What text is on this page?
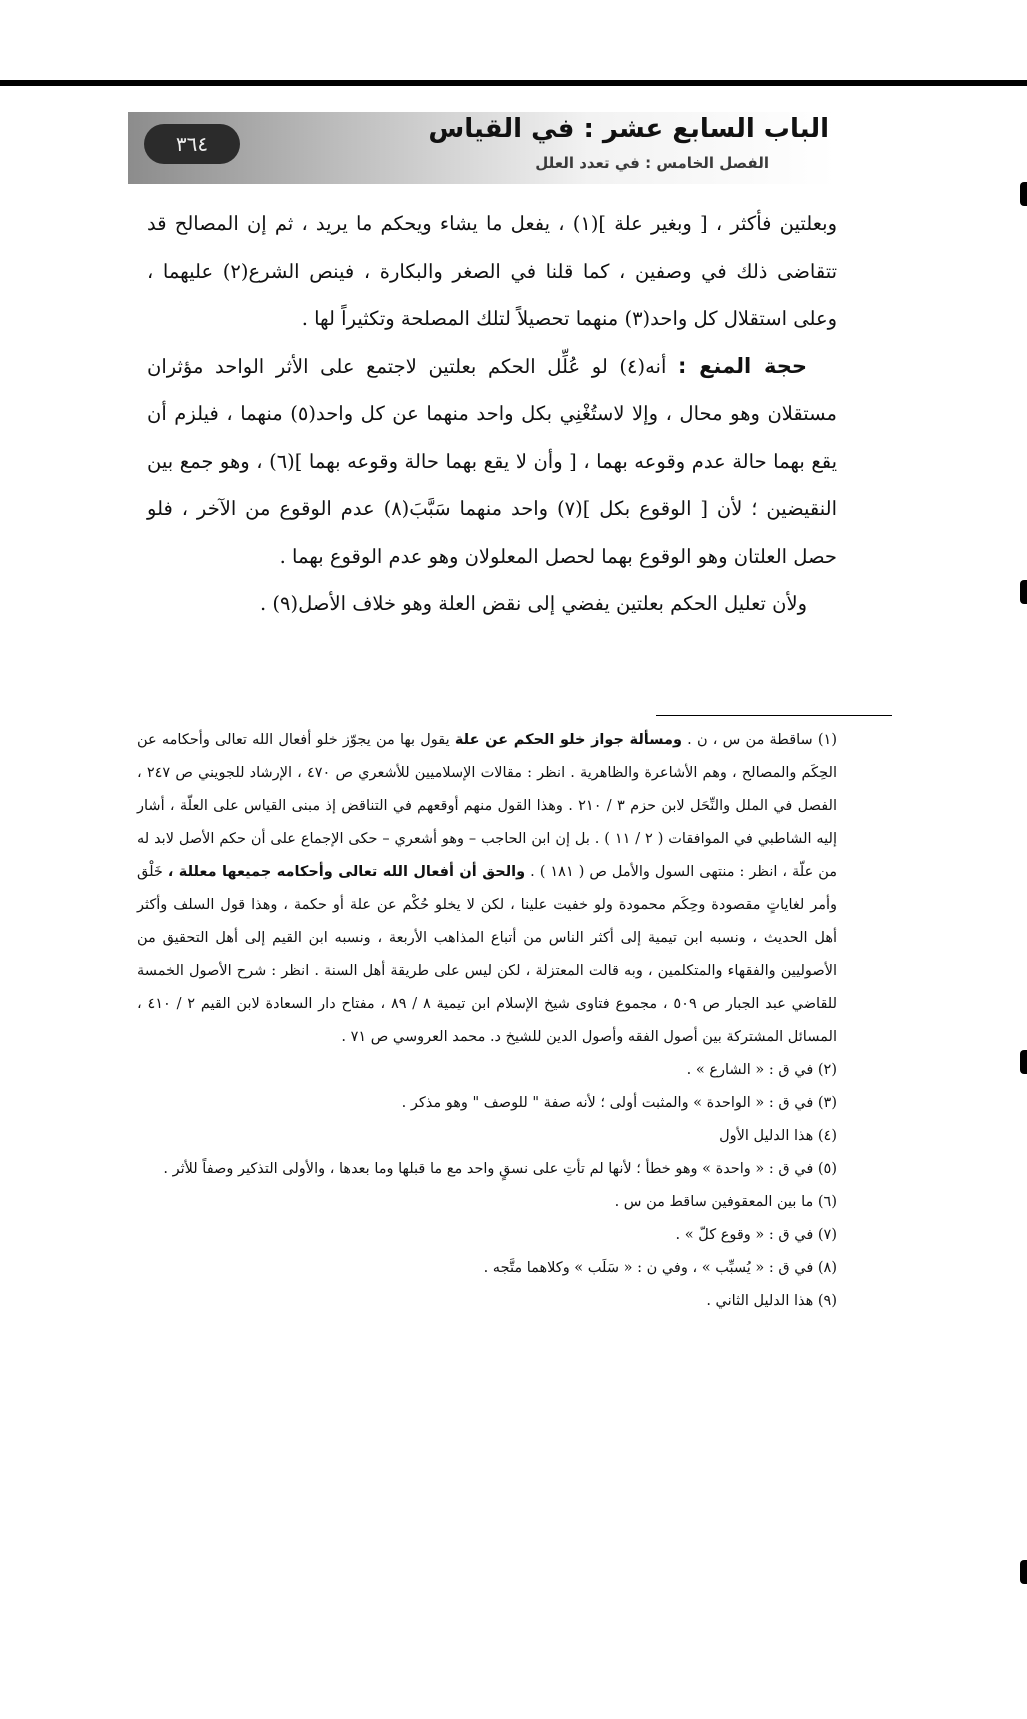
٣٦٤	الباب السابع عشر : في القياس
الفصل الخامس : في تعدد العلل

وبعلتين فأكثر ، [ وبغير علة ](١) ، يفعل ما يشاء ويحكم ما يريد ، ثم إن المصالح قد تتقاضى ذلك في وصفين ، كما قلنا في الصغر والبكارة ، فينص الشرع(٢) عليهما ، وعلى استقلال كل واحد(٣) منهما تحصيلاً لتلك المصلحة وتكثيراً لها .

حجة المنع : أنه(٤) لو عُلِّل الحكم بعلتين لاجتمع على الأثر الواحد مؤثران مستقلان وهو محال ، وإلا لاستُغْنِي بكل واحد منهما عن كل واحد(٥) منهما ، فيلزم أن يقع بهما حالة عدم وقوعه بهما ، [ وأن لا يقع بهما حالة وقوعه بهما ](٦) ، وهو جمع بين النقيضين ؛ لأن [ الوقوع بكل ](٧) واحد منهما سَبَّبَ(٨) عدم الوقوع من الآخر ، فلو حصل العلتان وهو الوقوع بهما لحصل المعلولان وهو عدم الوقوع بهما .

ولأن تعليل الحكم بعلتين يفضي إلى نقض العلة وهو خلاف الأصل(٩) .

(١) ساقطة من س ، ن . ومسألة جواز خلو الحكم عن علة يقول بها من يجوّز خلو أفعال الله تعالى وأحكامه عن الحِكَم والمصالح ، وهم الأشاعرة والظاهرية . انظر : مقالات الإسلاميين للأشعري ص ٤٧٠ ، الإرشاد للجويني ص ٢٤٧ ، الفصل في الملل والنِّحَل لابن حزم ٣ / ٢١٠ . وهذا القول منهم أوقعهم في التناقض إذ مبنى القياس على العلّة ، أشار إليه الشاطبي في الموافقات ( ٢ / ١١ ) . بل إن ابن الحاجب – وهو أشعري – حكى الإجماع على أن حكم الأصل لابد له من علّة ، انظر : منتهى السول والأمل ص ( ١٨١ ) . والحق أن أفعال الله تعالى وأحكامه جميعها معللة ، خَلْق وأمر لغاياتٍ مقصودة وحِكَم محمودة ولو خفيت علينا ، لكن لا يخلو حُكْم عن علة أو حكمة ، وهذا قول السلف وأكثر أهل الحديث ، ونسبه ابن تيمية إلى أكثر الناس من أتباع المذاهب الأربعة ، ونسبه ابن القيم إلى أهل التحقيق من الأصوليين والفقهاء والمتكلمين ، وبه قالت المعتزلة ، لكن ليس على طريقة أهل السنة . انظر : شرح الأصول الخمسة للقاضي عبد الجبار ص ٥٠٩ ، مجموع فتاوى شيخ الإسلام ابن تيمية ٨ / ٨٩ ، مفتاح دار السعادة لابن القيم ٢ / ٤١٠ ، المسائل المشتركة بين أصول الفقه وأصول الدين للشيخ د. محمد العروسي ص ٧١ .

(٢) في ق : « الشارع » .

(٣) في ق : « الواحدة » والمثبت أولى ؛ لأنه صفة " للوصف " وهو مذكر .

(٤) هذا الدليل الأول

(٥) في ق : « واحدة » وهو خطأ ؛ لأنها لم تأتِ على نسقٍ واحد مع ما قبلها وما بعدها ، والأولى التذكير وصفاً للأثر .

(٦) ما بين المعقوفين ساقط من س .

(٧) في ق : « وقوع كلّ » .

(٨) في ق : « يُسبِّب » ، وفي ن : « سَلَب » وكلاهما متَّجه .

(٩) هذا الدليل الثاني .
